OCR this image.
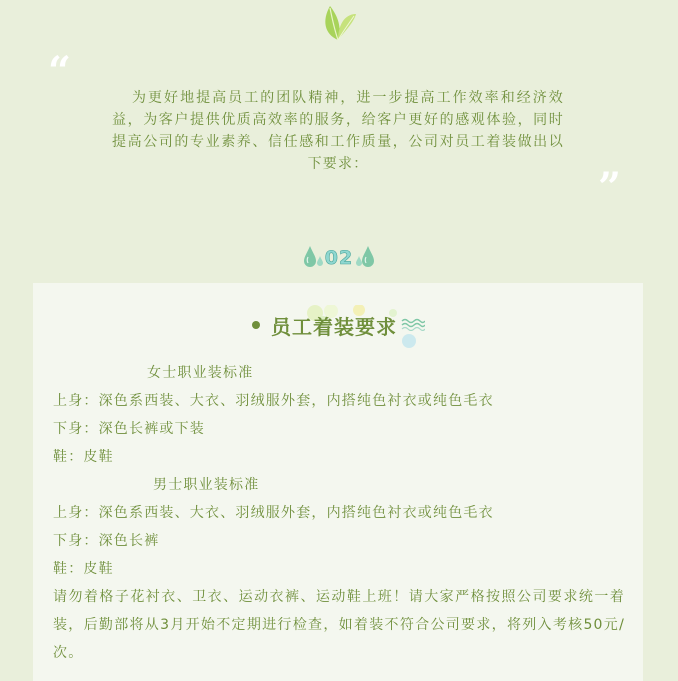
“
为更好地提高员工的团队精神，进一步提高工作效率和经济效益，为客户提供优质高效率的服务，给客户更好的感观体验，同时提高公司的专业素养、信任感和工作质量，公司对员工着装做出以下要求：	”
02
员工着装要求
女士职业装标准
上身：深色系西装、大衣、羽绒服外套，内搭纯色衬衣或纯色毛衣
下身：深色长裤或下装
鞋：皮鞋
男士职业装标准
上身：深色系西装、大衣、羽绒服外套，内搭纯色衬衣或纯色毛衣
下身：深色长裤
鞋：皮鞋
请勿着格子花衬衣、卫衣、运动衣裤、运动鞋上班！请大家严格按照公司要求统一着装，后勤部将从3月开始不定期进行检查，如着装不符合公司要求，将列入考核50元/次。
